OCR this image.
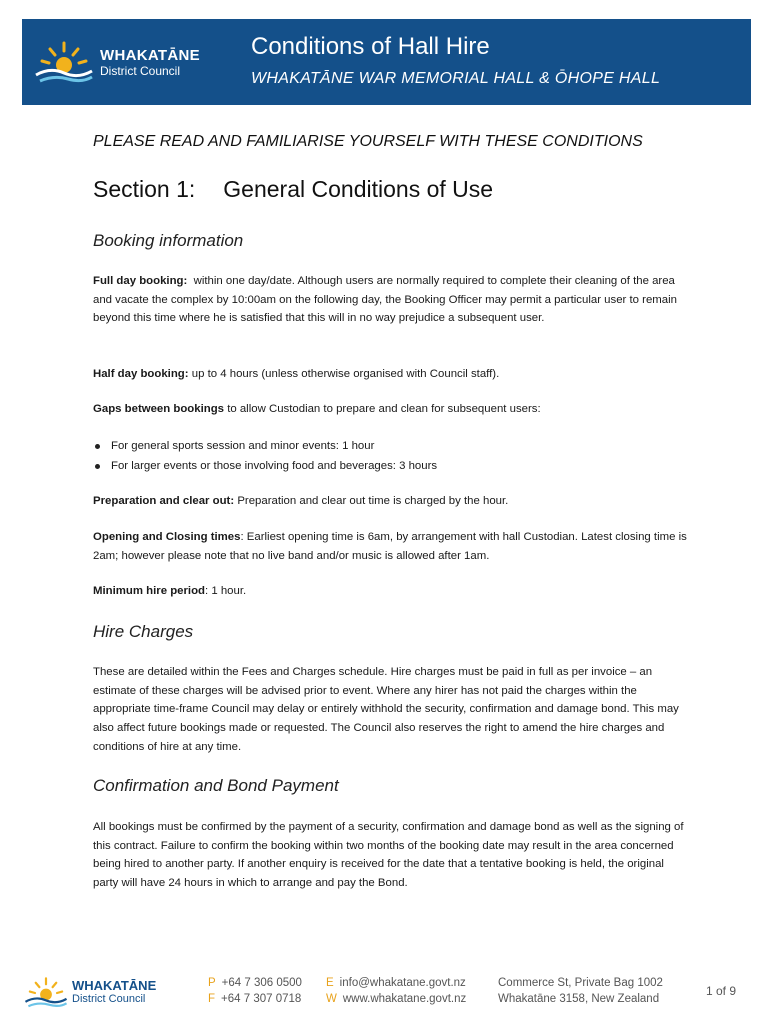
WHAKATĀNE
District Council
Conditions of Hall Hire
WHAKATĀNE WAR MEMORIAL HALL & ŌHOPE HALL
PLEASE READ AND FAMILIARISE YOURSELF WITH THESE CONDITIONS
Section 1: General Conditions of Use
Booking information
Full day booking: within one day/date. Although users are normally required to complete their cleaning of the area and vacate the complex by 10:00am on the following day, the Booking Officer may permit a particular user to remain beyond this time where he is satisfied that this will in no way prejudice a subsequent user.
Half day booking: up to 4 hours (unless otherwise organised with Council staff).
Gaps between bookings to allow Custodian to prepare and clean for subsequent users:
For general sports session and minor events: 1 hour
For larger events or those involving food and beverages: 3 hours
Preparation and clear out: Preparation and clear out time is charged by the hour.
Opening and Closing times: Earliest opening time is 6am, by arrangement with hall Custodian. Latest closing time is 2am; however please note that no live band and/or music is allowed after 1am.
Minimum hire period: 1 hour.
Hire Charges
These are detailed within the Fees and Charges schedule. Hire charges must be paid in full as per invoice – an estimate of these charges will be advised prior to event. Where any hirer has not paid the charges within the appropriate time-frame Council may delay or entirely withhold the security, confirmation and damage bond. This may also affect future bookings made or requested. The Council also reserves the right to amend the hire charges and conditions of hire at any time.
Confirmation and Bond Payment
All bookings must be confirmed by the payment of a security, confirmation and damage bond as well as the signing of this contract. Failure to confirm the booking within two months of the booking date may result in the area concerned being hired to another party. If another enquiry is received for the date that a tentative booking is held, the original party will have 24 hours in which to arrange and pay the Bond.
WHAKATĀNE
District Council
P +64 7 306 0500
F +64 7 307 0718
E info@whakatane.govt.nz
W www.whakatane.govt.nz
Commerce St, Private Bag 1002
Whakatāne 3158, New Zealand
1 of 9
